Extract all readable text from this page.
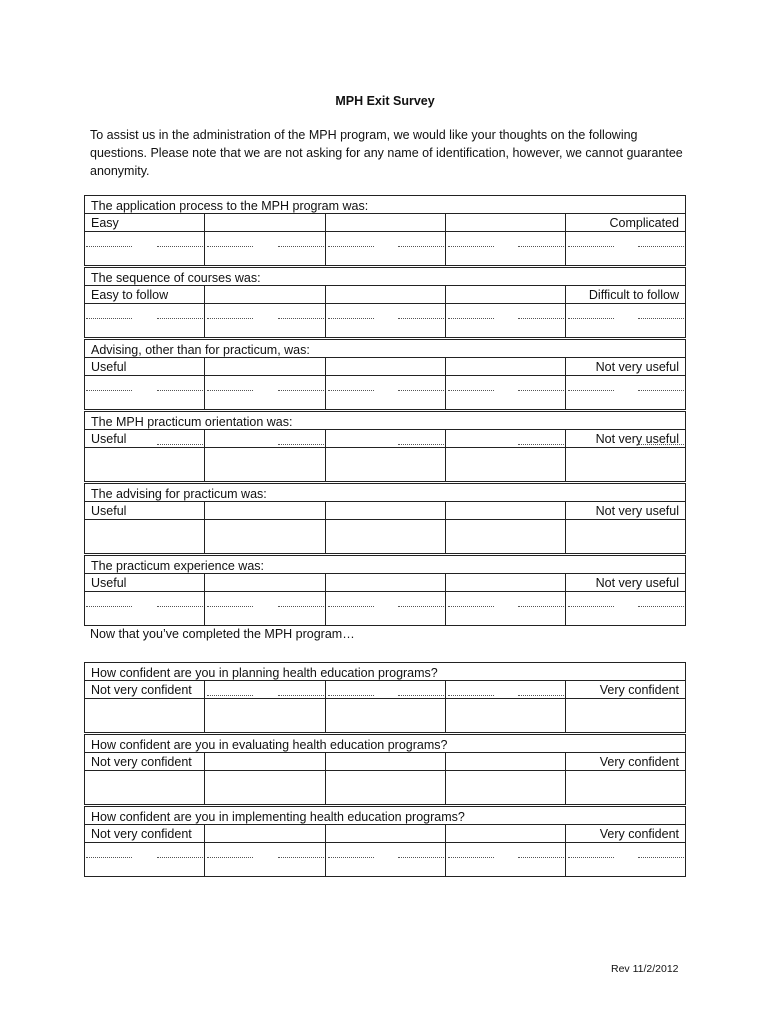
MPH Exit Survey
To assist us in the administration of the MPH program, we would like your thoughts on the following questions. Please note that we are not asking for any name of identification, however, we cannot guarantee anonymity.
The application process to the MPH program was:
Easy	Complicated
The sequence of courses was:
Easy to follow	Difficult to follow
Advising, other than for practicum, was:
Useful	Not very useful
The MPH practicum orientation was:
Useful	Not very useful
The advising for practicum was:
Useful	Not very useful
The practicum experience was:
Useful	Not very useful
Now that you’ve completed the MPH program…
How confident are you in planning health education programs?
Not very confident	Very confident
How confident are you in evaluating health education programs?
Not very confident	Very confident
How confident are you in implementing health education programs?
Not very confident	Very confident
Rev 11/2/2012
